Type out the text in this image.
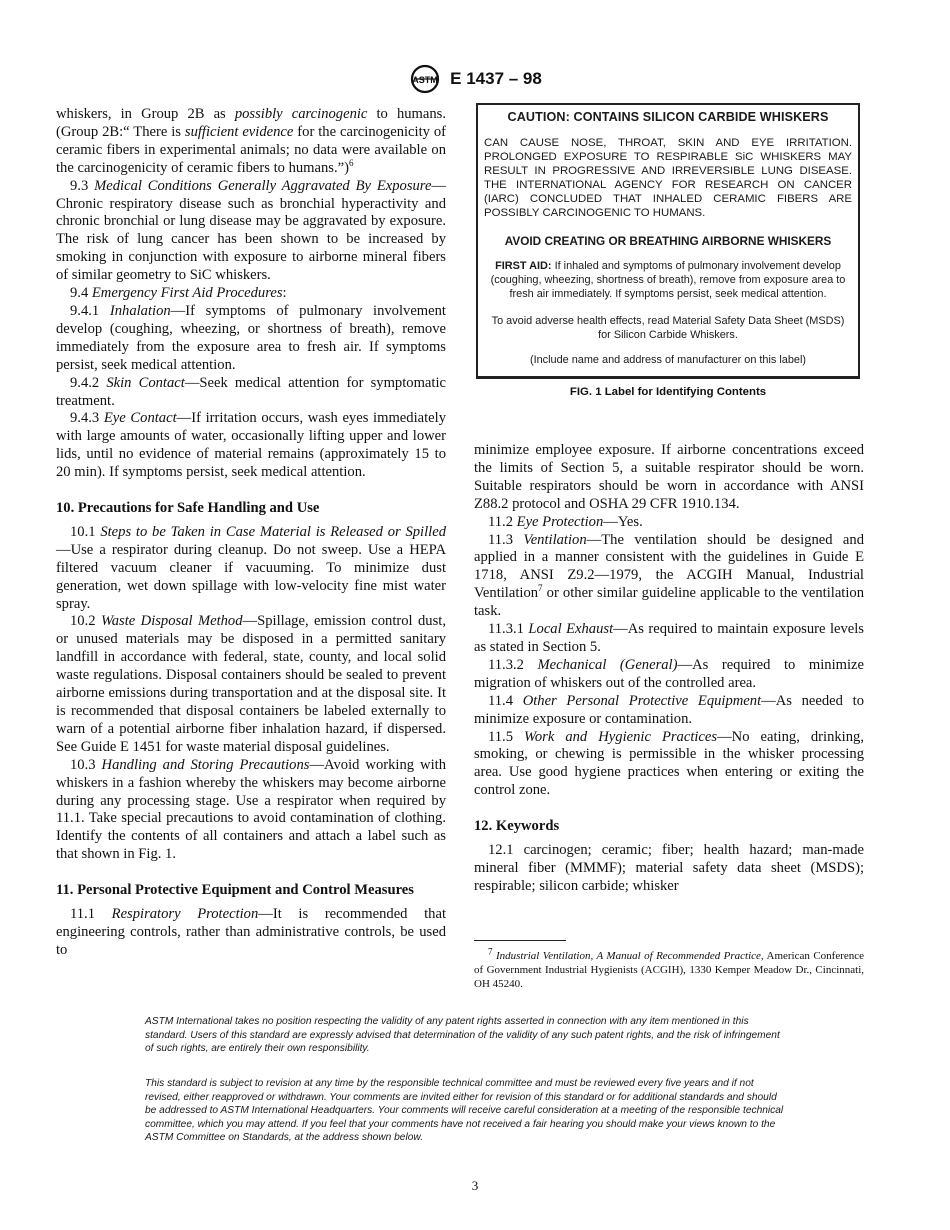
ASTM E 1437 – 98

whiskers, in Group 2B as possibly carcinogenic to humans. (Group 2B:“ There is sufficient evidence for the carcinogenicity of ceramic fibers in experimental animals; no data were available on the carcinogenicity of ceramic fibers to humans.”)$^6$

9.3 Medical Conditions Generally Aggravated By Exposure—Chronic respiratory disease such as bronchial hyperactivity and chronic bronchial or lung disease may be aggravated by exposure. The risk of lung cancer has been shown to be increased by smoking in conjunction with exposure to airborne mineral fibers of similar geometry to SiC whiskers.

9.4 Emergency First Aid Procedures:

9.4.1 Inhalation—If symptoms of pulmonary involvement develop (coughing, wheezing, or shortness of breath), remove immediately from the exposure area to fresh air. If symptoms persist, seek medical attention.

9.4.2 Skin Contact—Seek medical attention for symptomatic treatment.

9.4.3 Eye Contact—If irritation occurs, wash eyes immediately with large amounts of water, occasionally lifting upper and lower lids, until no evidence of material remains (approximately 15 to 20 min). If symptoms persist, seek medical attention.

10. Precautions for Safe Handling and Use

10.1 Steps to be Taken in Case Material is Released or Spilled—Use a respirator during cleanup. Do not sweep. Use a HEPA filtered vacuum cleaner if vacuuming. To minimize dust generation, wet down spillage with low-velocity fine mist water spray.

10.2 Waste Disposal Method—Spillage, emission control dust, or unused materials may be disposed in a permitted sanitary landfill in accordance with federal, state, county, and local solid waste regulations. Disposal containers should be sealed to prevent airborne emissions during transportation and at the disposal site. It is recommended that disposal containers be labeled externally to warn of a potential airborne fiber inhalation hazard, if dispersed. See Guide E 1451 for waste material disposal guidelines.

10.3 Handling and Storing Precautions—Avoid working with whiskers in a fashion whereby the whiskers may become airborne during any processing stage. Use a respirator when required by 11.1. Take special precautions to avoid contamination of clothing. Identify the contents of all containers and attach a label such as that shown in Fig. 1.

11. Personal Protective Equipment and Control Measures

11.1 Respiratory Protection—It is recommended that engineering controls, rather than administrative controls, be used to

CAUTION: CONTAINS SILICON CARBIDE WHISKERS
CAN CAUSE NOSE, THROAT, SKIN AND EYE IRRITATION. PROLONGED EXPOSURE TO RESPIRABLE SiC WHISKERS MAY RESULT IN PROGRESSIVE AND IRREVERSIBLE LUNG DISEASE. THE INTERNATIONAL AGENCY FOR RESEARCH ON CANCER (IARC) CONCLUDED THAT INHALED CERAMIC FIBERS ARE POSSIBLY CARCINOGENIC TO HUMANS.
AVOID CREATING OR BREATHING AIRBORNE WHISKERS
FIRST AID: If inhaled and symptoms of pulmonary involvement develop (coughing, wheezing, shortness of breath), remove from exposure area to fresh air immediately. If symptoms persist, seek medical attention.
To avoid adverse health effects, read Material Safety Data Sheet (MSDS) for Silicon Carbide Whiskers.
(Include name and address of manufacturer on this label)
FIG. 1 Label for Identifying Contents

minimize employee exposure. If airborne concentrations exceed the limits of Section 5, a suitable respirator should be worn. Suitable respirators should be worn in accordance with ANSI Z88.2 protocol and OSHA 29 CFR 1910.134.

11.2 Eye Protection—Yes.

11.3 Ventilation—The ventilation should be designed and applied in a manner consistent with the guidelines in Guide E 1718, ANSI Z9.2—1979, the ACGIH Manual, Industrial Ventilation$^7$ or other similar guideline applicable to the ventilation task.

11.3.1 Local Exhaust—As required to maintain exposure levels as stated in Section 5.

11.3.2 Mechanical (General)—As required to minimize migration of whiskers out of the controlled area.

11.4 Other Personal Protective Equipment—As needed to minimize exposure or contamination.

11.5 Work and Hygienic Practices—No eating, drinking, smoking, or chewing is permissible in the whisker processing area. Use good hygiene practices when entering or exiting the control zone.

12. Keywords

12.1 carcinogen; ceramic; fiber; health hazard; man-made mineral fiber (MMMF); material safety data sheet (MSDS); respirable; silicon carbide; whisker

$^7$ Industrial Ventilation, A Manual of Recommended Practice, American Conference of Government Industrial Hygienists (ACGIH), 1330 Kemper Meadow Dr., Cincinnati, OH 45240.
ASTM International takes no position respecting the validity of any patent rights asserted in connection with any item mentioned in this standard. Users of this standard are expressly advised that determination of the validity of any such patent rights, and the risk of infringement of such rights, are entirely their own responsibility.
This standard is subject to revision at any time by the responsible technical committee and must be reviewed every five years and if not revised, either reapproved or withdrawn. Your comments are invited either for revision of this standard or for additional standards and should be addressed to ASTM International Headquarters. Your comments will receive careful consideration at a meeting of the responsible technical committee, which you may attend. If you feel that your comments have not received a fair hearing you should make your views known to the ASTM Committee on Standards, at the address shown below.
3
